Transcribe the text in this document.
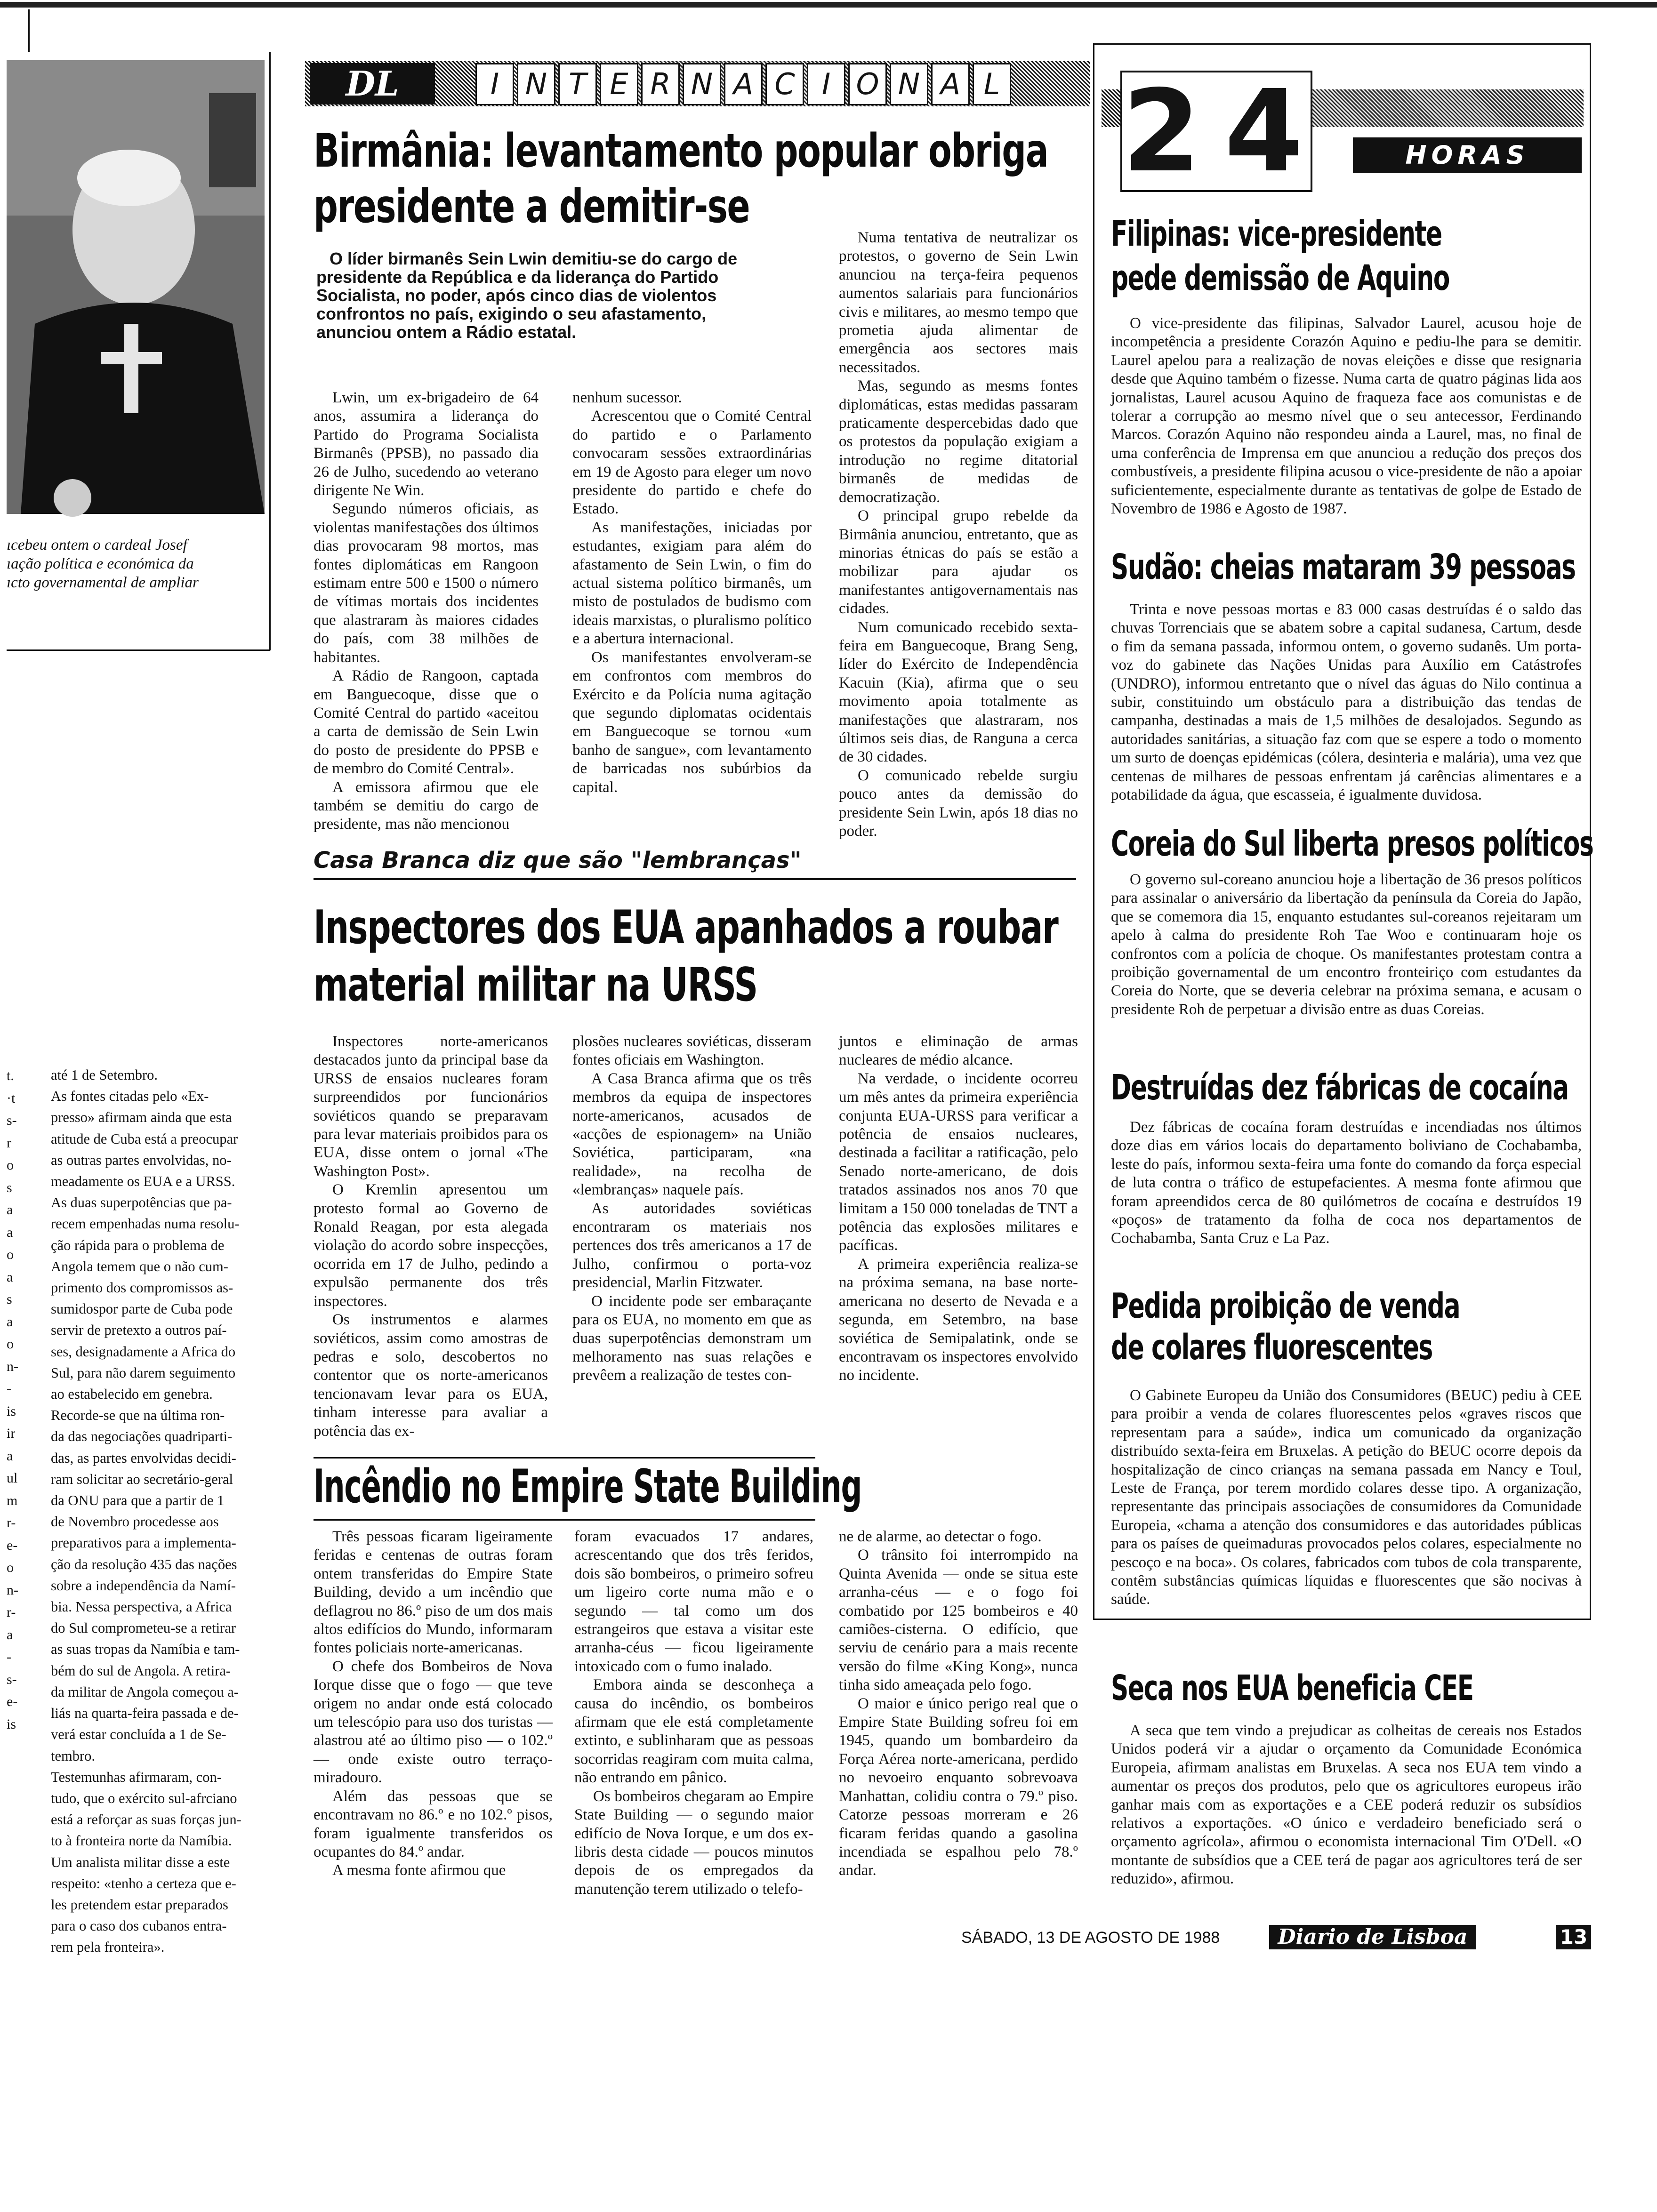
ıcebeu ontem o cardeal Josef
ıação política e económica da
ıcto governamental de ampliar
t.
·t
s-
r
o
s
a
a
o
a
s
a
o
n-
-
is
ir
a
ul
m
r-
e-
o
n-
r-
a
-
s-
e-
is
até 1 de Setembro.
As fontes citadas pelo «Ex-
presso» afirmam ainda que esta
atitude de Cuba está a preocupar
as outras partes envolvidas, no-
meadamente os EUA e a URSS.
As duas superpotências que pa-
recem empenhadas numa resolu-
ção rápida para o problema de
Angola temem que o não cum-
primento dos compromissos as-
sumidospor parte de Cuba pode
servir de pretexto a outros paí-
ses, designadamente a Africa do
Sul, para não darem seguimento
ao estabelecido em genebra.
Recorde-se que na última ron-
da das negociações quadriparti-
das, as partes envolvidas decidi-
ram solicitar ao secretário-geral
da ONU para que a partir de 1
de Novembro procedesse aos
preparativos para a implementa-
ção da resolução 435 das nações
sobre a independência da Namí-
bia. Nessa perspectiva, a Africa
do Sul comprometeu-se a retirar
as suas tropas da Namíbia e tam-
bém do sul de Angola. A retira-
da militar de Angola começou a-
liás na quarta-feira passada e de-
verá estar concluída a 1 de Se-
tembro.
Testemunhas afirmaram, con-
tudo, que o exército sul-afrciano
está a reforçar as suas forças jun-
to à fronteira norte da Namíbia.
Um analista militar disse a este
respeito: «tenho a certeza que e-
les pretendem estar preparados
para o caso dos cubanos entra-
rem pela fronteira».
DL	I N T E R N A C I O N A L 24	HORAS
Birmânia: levantamento popular obriga
presidente a demitir-se
O líder birmanês Sein Lwin demitiu-se do cargo de presidente da República e da liderança do Partido Socialista, no poder, após cinco dias de violentos confrontos no país, exigindo o seu afastamento, anunciou ontem a Rádio estatal.

Lwin, um ex-brigadeiro de 64 anos, assumira a liderança do Partido do Programa Socialista Birmanês (PPSB), no passado dia 26 de Julho, sucedendo ao veterano dirigente Ne Win.

Segundo números oficiais, as violentas manifestações dos últimos dias provocaram 98 mortos, mas fontes diplomáticas em Rangoon estimam entre 500 e 1500 o número de vítimas mortais dos incidentes que alastraram às maiores cidades do país, com 38 milhões de habitantes.

A Rádio de Rangoon, captada em Banguecoque, disse que o Comité Central do partido «aceitou a carta de demissão de Sein Lwin do posto de presidente do PPSB e de membro do Comité Central».

A emissora afirmou que ele também se demitiu do cargo de presidente, mas não mencionou

nenhum sucessor.

Acrescentou que o Comité Central do partido e o Parlamento convocaram sessões extraordinárias em 19 de Agosto para eleger um novo presidente do partido e chefe do Estado.

As manifestações, iniciadas por estudantes, exigiam para além do afastamento de Sein Lwin, o fim do actual sistema político birmanês, um misto de postulados de budismo com ideais marxistas, o pluralismo político e a abertura internacional.

Os manifestantes envolveram-se em confrontos com membros do Exército e da Polícia numa agitação que segundo diplomatas ocidentais em Banguecoque se tornou «um banho de sangue», com levantamento de barricadas nos subúrbios da capital.

Numa tentativa de neutralizar os protestos, o governo de Sein Lwin anunciou na terça-feira pequenos aumentos salariais para funcionários civis e militares, ao mesmo tempo que prometia ajuda alimentar de emergência aos sectores mais necessitados.

Mas, segundo as mesms fontes diplomáticas, estas medidas passaram praticamente despercebidas dado que os protestos da população exigiam a introdução no regime ditatorial birmanês de medidas de democratização.

O principal grupo rebelde da Birmânia anunciou, entretanto, que as minorias étnicas do país se estão a mobilizar para ajudar os manifestantes antigovernamentais nas cidades.

Num comunicado recebido sexta-feira em Banguecoque, Brang Seng, líder do Exército de Independência Kacuin (Kia), afirma que o seu movimento apoia totalmente as manifestações que alastraram, nos últimos seis dias, de Ranguna a cerca de 30 cidades.

O comunicado rebelde surgiu pouco antes da demissão do presidente Sein Lwin, após 18 dias no poder.

Casa Branca diz que são "lembranças"
Inspectores dos EUA apanhados a roubar
material militar na URSS

Inspectores norte-americanos destacados junto da principal base da URSS de ensaios nucleares foram surpreendidos por funcionários soviéticos quando se preparavam para levar materiais proibidos para os EUA, disse ontem o jornal «The Washington Post».

O Kremlin apresentou um protesto formal ao Governo de Ronald Reagan, por esta alegada violação do acordo sobre inspecções, ocorrida em 17 de Julho, pedindo a expulsão permanente dos três inspectores.

Os instrumentos e alarmes soviéticos, assim como amostras de pedras e solo, descobertos no contentor que os norte-americanos tencionavam levar para os EUA, tinham interesse para avaliar a potência das ex-

plosões nucleares soviéticas, disseram fontes oficiais em Washington.

A Casa Branca afirma que os três membros da equipa de inspectores norte-americanos, acusados de «acções de espionagem» na União Soviética, participaram, «na realidade», na recolha de «lembranças» naquele país.

As autoridades soviéticas encontraram os materiais nos pertences dos três americanos a 17 de Julho, confirmou o porta-voz presidencial, Marlin Fitzwater.

O incidente pode ser embaraçante para os EUA, no momento em que as duas superpotências demonstram um melhoramento nas suas relações e prevêem a realização de testes con-

juntos e eliminação de armas nucleares de médio alcance.

Na verdade, o incidente ocorreu um mês antes da primeira experiência conjunta EUA-URSS para verificar a potência de ensaios nucleares, destinada a facilitar a ratificação, pelo Senado norte-americano, de dois tratados assinados nos anos 70 que limitam a 150 000 toneladas de TNT a potência das explosões militares e pacíficas.

A primeira experiência realiza-se na próxima semana, na base norte-americana no deserto de Nevada e a segunda, em Setembro, na base soviética de Semipalatink, onde se encontravam os inspectores envolvido no incidente.

Incêndio no Empire State Building

Três pessoas ficaram ligeiramente feridas e centenas de outras foram ontem transferidas do Empire State Building, devido a um incêndio que deflagrou no 86.º piso de um dos mais altos edifícios do Mundo, informaram fontes policiais norte-americanas.

O chefe dos Bombeiros de Nova Iorque disse que o fogo — que teve origem no andar onde está colocado um telescópio para uso dos turistas — alastrou até ao último piso — o 102.º — onde existe outro terraço-miradouro.

Além das pessoas que se encontravam no 86.º e no 102.º pisos, foram igualmente transferidos os ocupantes do 84.º andar.

A mesma fonte afirmou que

foram evacuados 17 andares, acrescentando que dos três feridos, dois são bombeiros, o primeiro sofreu um ligeiro corte numa mão e o segundo — tal como um dos estrangeiros que estava a visitar este arranha-céus — ficou ligeiramente intoxicado com o fumo inalado.

Embora ainda se desconheça a causa do incêndio, os bombeiros afirmam que ele está completamente extinto, e sublinharam que as pessoas socorridas reagiram com muita calma, não entrando em pânico.

Os bombeiros chegaram ao Empire State Building — o segundo maior edifício de Nova Iorque, e um dos ex-libris desta cidade — poucos minutos depois de os empregados da manutenção terem utilizado o telefo-

ne de alarme, ao detectar o fogo.

O trânsito foi interrompido na Quinta Avenida — onde se situa este arranha-céus — e o fogo foi combatido por 125 bombeiros e 40 camiões-cisterna. O edifício, que serviu de cenário para a mais recente versão do filme «King Kong», nunca tinha sido ameaçada pelo fogo.

O maior e único perigo real que o Empire State Building sofreu foi em 1945, quando um bombardeiro da Força Aérea norte-americana, perdido no nevoeiro enquanto sobrevoava Manhattan, colidiu contra o 79.º piso. Catorze pessoas morreram e 26 ficaram feridas quando a gasolina incendiada se espalhou pelo 78.º andar.

Filipinas: vice-presidente
pede demissão de Aquino

O vice-presidente das filipinas, Salvador Laurel, acusou hoje de incompetência a presidente Corazón Aquino e pediu-lhe para se demitir. Laurel apelou para a realização de novas eleições e disse que resignaria desde que Aquino também o fizesse. Numa carta de quatro páginas lida aos jornalistas, Laurel acusou Aquino de fraqueza face aos comunistas e de tolerar a corrupção ao mesmo nível que o seu antecessor, Ferdinando Marcos. Corazón Aquino não respondeu ainda a Laurel, mas, no final de uma conferência de Imprensa em que anunciou a redução dos preços dos combustíveis, a presidente filipina acusou o vice-presidente de não a apoiar suficientemente, especialmente durante as tentativas de golpe de Estado de Novembro de 1986 e Agosto de 1987.

Sudão: cheias mataram 39 pessoas

Trinta e nove pessoas mortas e 83 000 casas destruídas é o saldo das chuvas Torrenciais que se abatem sobre a capital sudanesa, Cartum, desde o fim da semana passada, informou ontem, o governo sudanês. Um porta-voz do gabinete das Nações Unidas para Auxílio em Catástrofes (UNDRO), informou entretanto que o nível das águas do Nilo continua a subir, constituindo um obstáculo para a distribuição das tendas de campanha, destinadas a mais de 1,5 milhões de desalojados. Segundo as autoridades sanitárias, a situação faz com que se espere a todo o momento um surto de doenças epidémicas (cólera, desinteria e malária), uma vez que centenas de milhares de pessoas enfrentam já carências alimentares e a potabilidade da água, que escasseia, é igualmente duvidosa.

Coreia do Sul liberta presos políticos

O governo sul-coreano anunciou hoje a libertação de 36 presos políticos para assinalar o aniversário da libertação da península da Coreia do Japão, que se comemora dia 15, enquanto estudantes sul-coreanos rejeitaram um apelo à calma do presidente Roh Tae Woo e continuaram hoje os confrontos com a polícia de choque. Os manifestantes protestam contra a proibição governamental de um encontro fronteiriço com estudantes da Coreia do Norte, que se deveria celebrar na próxima semana, e acusam o presidente Roh de perpetuar a divisão entre as duas Coreias.

Destruídas dez fábricas de cocaína

Dez fábricas de cocaína foram destruídas e incendiadas nos últimos doze dias em vários locais do departamento boliviano de Cochabamba, leste do país, informou sexta-feira uma fonte do comando da força especial de luta contra o tráfico de estupefacientes. A mesma fonte afirmou que foram apreendidos cerca de 80 quilómetros de cocaína e destruídos 19 «poços» de tratamento da folha de coca nos departamentos de Cochabamba, Santa Cruz e La Paz.

Pedida proibição de venda
de colares fluorescentes

O Gabinete Europeu da União dos Consumidores (BEUC) pediu à CEE para proibir a venda de colares fluorescentes pelos «graves riscos que representam para a saúde», indica um comunicado da organização distribuído sexta-feira em Bruxelas. A petição do BEUC ocorre depois da hospitalização de cinco crianças na semana passada em Nancy e Toul, Leste de França, por terem mordido colares desse tipo. A organização, representante das principais associações de consumidores da Comunidade Europeia, «chama a atenção dos consumidores e das autoridades públicas para os países de queimaduras provocados pelos colares, especialmente no pescoço e na boca». Os colares, fabricados com tubos de cola transparente, contêm substâncias químicas líquidas e fluorescentes que são nocivas à saúde.

Seca nos EUA beneficia CEE

A seca que tem vindo a prejudicar as colheitas de cereais nos Estados Unidos poderá vir a ajudar o orçamento da Comunidade Económica Europeia, afirmam analistas em Bruxelas. A seca nos EUA tem vindo a aumentar os preços dos produtos, pelo que os agricultores europeus irão ganhar mais com as exportações e a CEE poderá reduzir os subsídios relativos a exportações. «O único e verdadeiro beneficiado será o orçamento agrícola», afirmou o economista internacional Tim O'Dell. «O montante de subsídios que a CEE terá de pagar aos agricultores terá de ser reduzido», afirmou.

SÁBADO, 13 DE AGOSTO DE 1988	Diario de Lisboa	13
